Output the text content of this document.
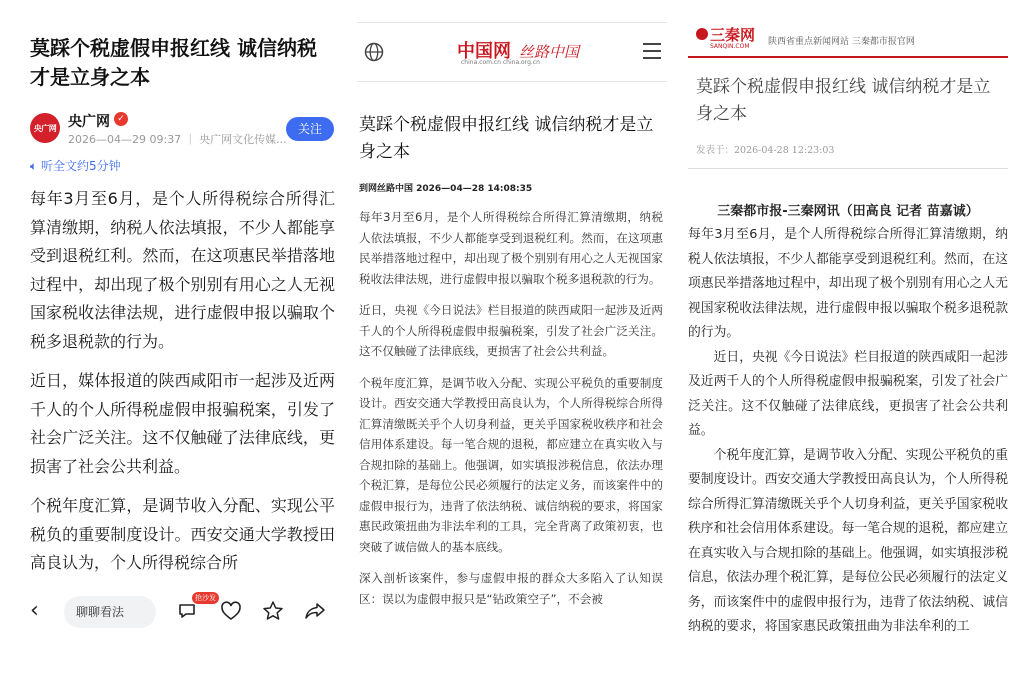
莫踩个税虚假申报红线 诚信纳税才是立身之本
央广网 央广网 ✓
2026—04—29 09:37 ｜ 央广网文化传媒...
关注
🔈︎ 听全文约5分钟

每年3月至6月，是个人所得税综合所得汇算清缴期，纳税人依法填报，不少人都能享受到退税红利。然而，在这项惠民举措落地过程中，却出现了极个别别有用心之人无视国家税收法律法规，进行虚假申报以骗取个税多退税款的行为。

近日，媒体报道的陕西咸阳市一起涉及近两千人的个人所得税虚假申报骗税案，引发了社会广泛关注。这不仅触碰了法律底线，更损害了社会公共利益。

个税年度汇算，是调节收入分配、实现公平税负的重要制度设计。西安交通大学教授田高良认为，个人所得税综合所

‹	聊聊看法
抢沙发
中国网
china.com.cn china.org.cn
丝路中国
莫踩个税虚假申报红线 诚信纳税才是立身之本
到网丝路中国 2026—04—28 14:08:35

每年3月至6月，是个人所得税综合所得汇算清缴期，纳税人依法填报，不少人都能享受到退税红利。然而，在这项惠民举措落地过程中，却出现了极个别别有用心之人无视国家税收法律法规，进行虚假申报以骗取个税多退税款的行为。

近日，央视《今日说法》栏目报道的陕西咸阳一起涉及近两千人的个人所得税虚假申报骗税案，引发了社会广泛关注。这不仅触碰了法律底线，更损害了社会公共利益。

个税年度汇算，是调节收入分配、实现公平税负的重要制度设计。西安交通大学教授田高良认为，个人所得税综合所得汇算清缴既关乎个人切身利益，更关乎国家税收秩序和社会信用体系建设。每一笔合规的退税，都应建立在真实收入与合规扣除的基础上。他强调，如实填报涉税信息，依法办理个税汇算，是每位公民必须履行的法定义务，而该案件中的虚假申报行为，违背了依法纳税、诚信纳税的要求，将国家惠民政策扭曲为非法牟利的工具，完全背离了政策初衷，也突破了诚信做人的基本底线。

深入剖析该案件，参与虚假申报的群众大多陷入了认知误区：误以为虚假申报只是“钻政策空子”，不会被

三秦网
SANQIN.COM 陕西省重点新闻网站 三秦都市报官网
莫踩个税虚假申报红线 诚信纳税才是立身之本
发表于：2026-04-28 12:23:03
三秦都市报-三秦网讯（田高良 记者 苗嘉诚）

每年3月至6月，是个人所得税综合所得汇算清缴期，纳税人依法填报，不少人都能享受到退税红利。然而，在这项惠民举措落地过程中，却出现了极个别别有用心之人无视国家税收法律法规，进行虚假申报以骗取个税多退税款的行为。

近日，央视《今日说法》栏目报道的陕西咸阳一起涉及近两千人的个人所得税虚假申报骗税案，引发了社会广泛关注。这不仅触碰了法律底线，更损害了社会公共利益。

个税年度汇算，是调节收入分配、实现公平税负的重要制度设计。西安交通大学教授田高良认为，个人所得税综合所得汇算清缴既关乎个人切身利益，更关乎国家税收秩序和社会信用体系建设。每一笔合规的退税，都应建立在真实收入与合规扣除的基础上。他强调，如实填报涉税信息，依法办理个税汇算，是每位公民必须履行的法定义务，而该案件中的虚假申报行为，违背了依法纳税、诚信纳税的要求，将国家惠民政策扭曲为非法牟利的工
